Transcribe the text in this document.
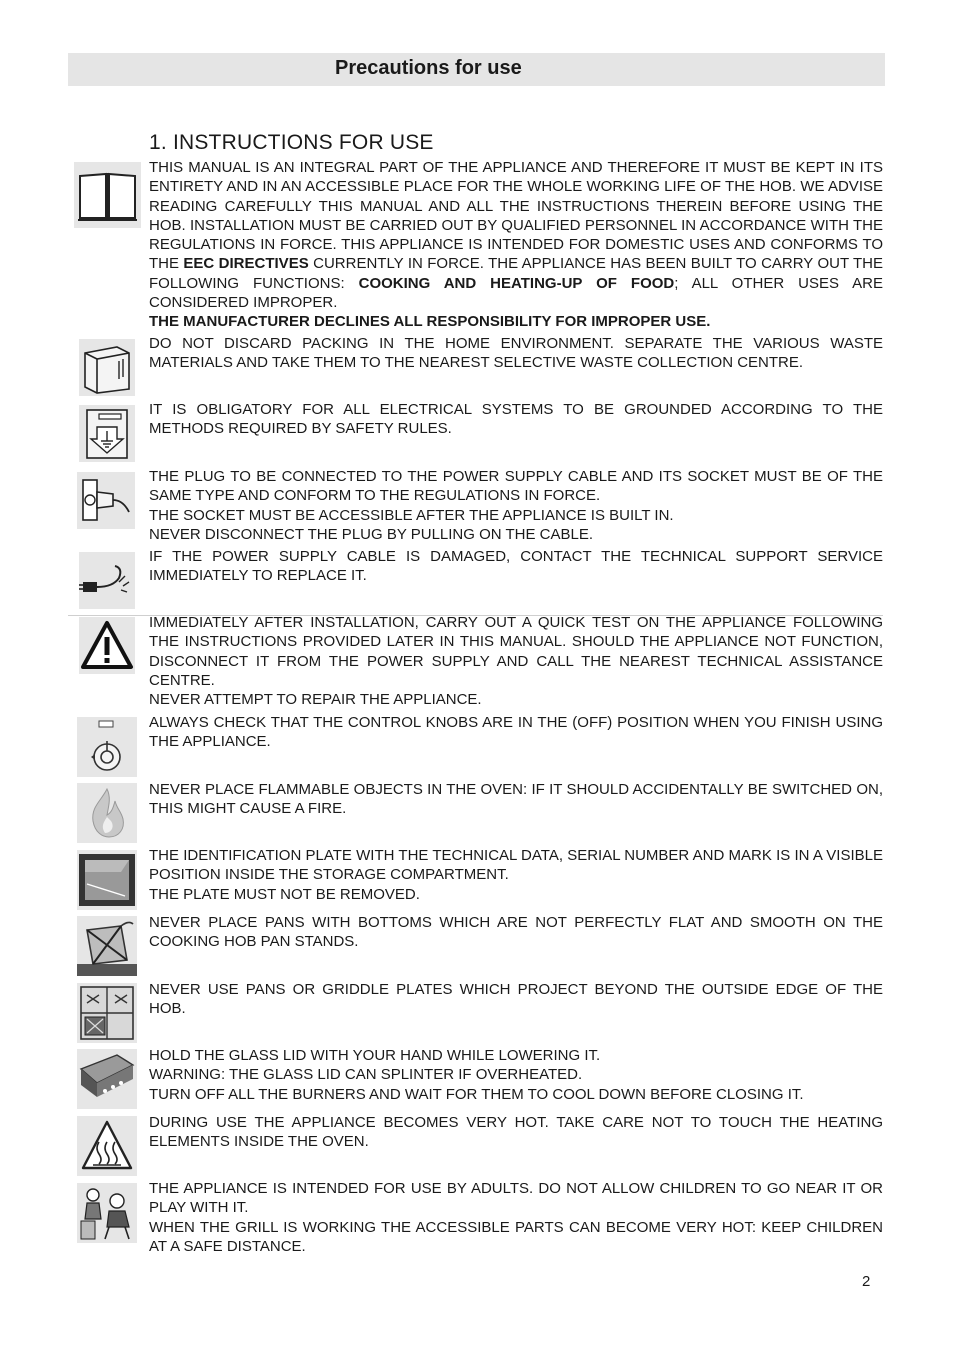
Precautions for use
1. INSTRUCTIONS FOR USE

THIS MANUAL IS AN INTEGRAL PART OF THE APPLIANCE AND THEREFORE IT MUST BE KEPT IN ITS ENTIRETY AND IN AN ACCESSIBLE PLACE FOR THE WHOLE WORKING LIFE OF THE HOB. WE ADVISE READING CAREFULLY THIS MANUAL AND ALL THE INSTRUCTIONS THEREIN BEFORE USING THE HOB. INSTALLATION MUST BE CARRIED OUT BY QUALIFIED PERSONNEL IN ACCORDANCE WITH THE REGULATIONS IN FORCE. THIS APPLIANCE IS INTENDED FOR DOMESTIC USES AND CONFORMS TO THE EEC DIRECTIVES CURRENTLY IN FORCE. THE APPLIANCE HAS BEEN BUILT TO CARRY OUT THE FOLLOWING FUNCTIONS: COOKING AND HEATING-UP OF FOOD; ALL OTHER USES ARE CONSIDERED IMPROPER.

THE MANUFACTURER DECLINES ALL RESPONSIBILITY FOR IMPROPER USE.

DO NOT DISCARD PACKING IN THE HOME ENVIRONMENT. SEPARATE THE VARIOUS WASTE MATERIALS AND TAKE THEM TO THE NEAREST SELECTIVE WASTE COLLECTION CENTRE.

IT IS OBLIGATORY FOR ALL ELECTRICAL SYSTEMS TO BE GROUNDED ACCORDING TO THE METHODS REQUIRED BY SAFETY RULES.

THE PLUG TO BE CONNECTED TO THE POWER SUPPLY CABLE AND ITS SOCKET MUST BE OF THE SAME TYPE AND CONFORM TO THE REGULATIONS IN FORCE.

THE SOCKET MUST BE ACCESSIBLE AFTER THE APPLIANCE IS BUILT IN.

NEVER DISCONNECT THE PLUG BY PULLING ON THE CABLE.

IF THE POWER SUPPLY CABLE IS DAMAGED, CONTACT THE TECHNICAL SUPPORT SERVICE IMMEDIATELY TO REPLACE IT.

IMMEDIATELY AFTER INSTALLATION, CARRY OUT A QUICK TEST ON THE APPLIANCE FOLLOWING THE INSTRUCTIONS PROVIDED LATER IN THIS MANUAL. SHOULD THE APPLIANCE NOT FUNCTION, DISCONNECT IT FROM THE POWER SUPPLY AND CALL THE NEAREST TECHNICAL ASSISTANCE CENTRE.

NEVER ATTEMPT TO REPAIR THE APPLIANCE.

ALWAYS CHECK THAT THE CONTROL KNOBS ARE IN THE (OFF) POSITION WHEN YOU FINISH USING THE APPLIANCE.

NEVER PLACE FLAMMABLE OBJECTS IN THE OVEN: IF IT SHOULD ACCIDENTALLY BE SWITCHED ON, THIS MIGHT CAUSE A FIRE.

THE IDENTIFICATION PLATE WITH THE TECHNICAL DATA, SERIAL NUMBER AND MARK IS IN A VISIBLE POSITION INSIDE THE STORAGE COMPARTMENT.

THE PLATE MUST NOT BE REMOVED.

NEVER PLACE PANS WITH BOTTOMS WHICH ARE NOT PERFECTLY FLAT AND SMOOTH ON THE COOKING HOB PAN STANDS.

NEVER USE PANS OR GRIDDLE PLATES WHICH PROJECT BEYOND THE OUTSIDE EDGE OF THE HOB.

HOLD THE GLASS LID WITH YOUR HAND WHILE LOWERING IT.

WARNING: THE GLASS LID CAN SPLINTER IF OVERHEATED.

TURN OFF ALL THE BURNERS AND WAIT FOR THEM TO COOL DOWN BEFORE CLOSING IT.

DURING USE THE APPLIANCE BECOMES VERY HOT. TAKE CARE NOT TO TOUCH THE HEATING ELEMENTS INSIDE THE OVEN.

THE APPLIANCE IS INTENDED FOR USE BY ADULTS. DO NOT ALLOW CHILDREN TO GO NEAR IT OR PLAY WITH IT.

WHEN THE GRILL IS WORKING THE ACCESSIBLE PARTS CAN BECOME VERY HOT: KEEP CHILDREN AT A SAFE DISTANCE.

2
